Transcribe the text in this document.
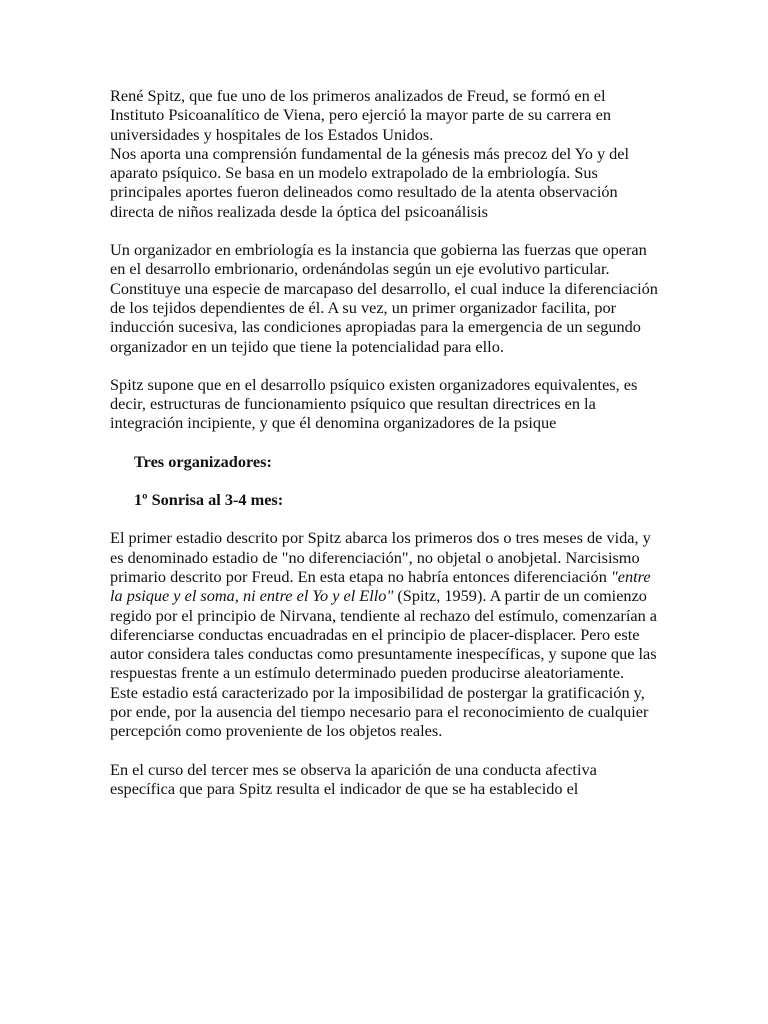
René Spitz, que fue uno de los primeros analizados de Freud, se formó en el Instituto Psicoanalítico de Viena, pero ejerció la mayor parte de su carrera en universidades y hospitales de los Estados Unidos.

Nos aporta una comprensión fundamental de la génesis más precoz del Yo y del aparato psíquico. Se basa en un modelo extrapolado de la embriología. Sus principales aportes fueron delineados como resultado de la atenta observación directa de niños realizada desde la óptica del psicoanálisis

Un organizador en embriología es la instancia que gobierna las fuerzas que operan en el desarrollo embrionario, ordenándolas según un eje evolutivo particular. Constituye una especie de marcapaso del desarrollo, el cual induce la diferenciación de los tejidos dependientes de él. A su vez, un primer organizador facilita, por inducción sucesiva, las condiciones apropiadas para la emergencia de un segundo organizador en un tejido que tiene la potencialidad para ello.

Spitz supone que en el desarrollo psíquico existen organizadores equivalentes, es decir, estructuras de funcionamiento psíquico que resultan directrices en la integración incipiente, y que él denomina organizadores de la psique

Tres organizadores:

1º Sonrisa al 3-4 mes:

El primer estadio descrito por Spitz abarca los primeros dos o tres meses de vida, y es denominado estadio de "no diferenciación", no objetal o anobjetal. Narcisismo primario descrito por Freud. En esta etapa no habría entonces diferenciación "entre la psique y el soma, ni entre el Yo y el Ello" (Spitz, 1959). A partir de un comienzo regido por el principio de Nirvana, tendiente al rechazo del estímulo, comenzarían a diferenciarse conductas encuadradas en el principio de placer-displacer. Pero este autor considera tales conductas como presuntamente inespecíficas, y supone que las respuestas frente a un estímulo determinado pueden producirse aleatoriamente.

Este estadio está caracterizado por la imposibilidad de postergar la gratificación y, por ende, por la ausencia del tiempo necesario para el reconocimiento de cualquier percepción como proveniente de los objetos reales.

En el curso del tercer mes se observa la aparición de una conducta afectiva específica que para Spitz resulta el indicador de que se ha establecido el
